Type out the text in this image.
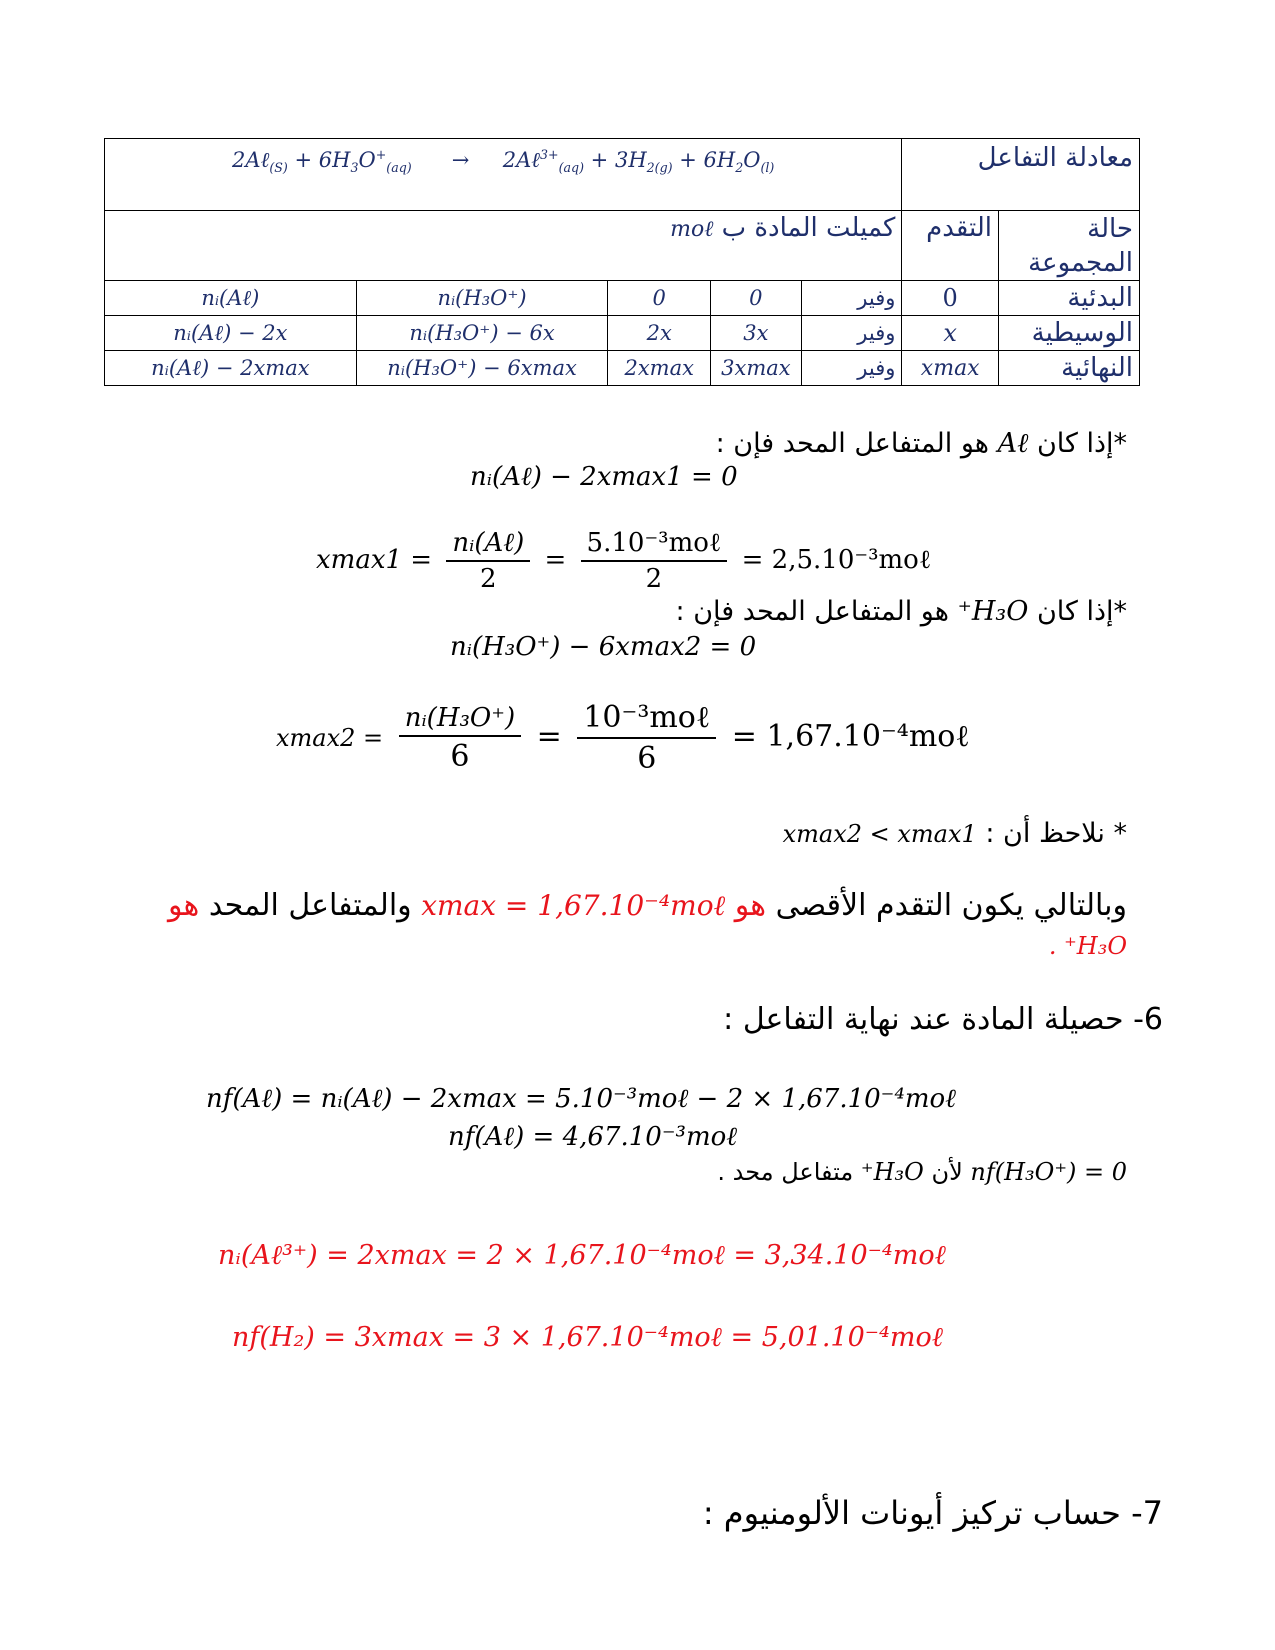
2Aℓ$_{(S)}$ + $6H_3O^+_{(aq)}$      →     2Aℓ$^{3+}_{(aq)}$ + $3H_{2(g)} + 6H_2O_{(l)}$					معادلة التفاعل	
كميلت المادة ب moℓ					التقدم	حالة المجموعة
nᵢ(Aℓ)	nᵢ(H₃O⁺)	0	0	وفير	0	البدئية
nᵢ(Aℓ) − 2x	nᵢ(H₃O⁺) − 6x	2x	3x	وفير	x	الوسيطية
nᵢ(Aℓ) − 2xmax	nᵢ(H₃O⁺) − 6xmax	2xmax	3xmax	وفير	xmax	النهائية
*إذا كان Aℓ هو المتفاعل المحد فإن :
nᵢ(Aℓ) − 2xmax1 = 0
$xmax1 = \frac{\text{nᵢ(Aℓ)}}{2} = \frac{\text{5.10⁻³moℓ}}{2}$ = 2,5.10⁻³moℓ
*إذا كان H₃O⁺ هو المتفاعل المحد فإن :
nᵢ(H₃O⁺) − 6xmax2 = 0
$xmax2 = \frac{\text{nᵢ(H₃O⁺)}}{6} = \frac{\text{10⁻³moℓ}}{6}$ = 1,67.10⁻⁴moℓ
* نلاحظ أن : xmax2 < xmax1
وبالتالي يكون التقدم الأقصى هو xmax = 1,67.10⁻⁴moℓ والمتفاعل المحد هو
H₃O⁺ .
6- حصيلة المادة عند نهاية التفاعل :
nf(Aℓ) = nᵢ(Aℓ) − 2xmax = 5.10⁻³moℓ − 2 × 1,67.10⁻⁴moℓ
nf(Aℓ) = 4,67.10⁻³moℓ
nf(H₃O⁺) = 0 لأن H₃O⁺ متفاعل محد .
nᵢ(Aℓ³⁺) = 2xmax = 2 × 1,67.10⁻⁴moℓ = 3,34.10⁻⁴moℓ
nf(H₂) = 3xmax = 3 × 1,67.10⁻⁴moℓ = 5,01.10⁻⁴moℓ
7- حساب تركيز أيونات الألومنيوم :
